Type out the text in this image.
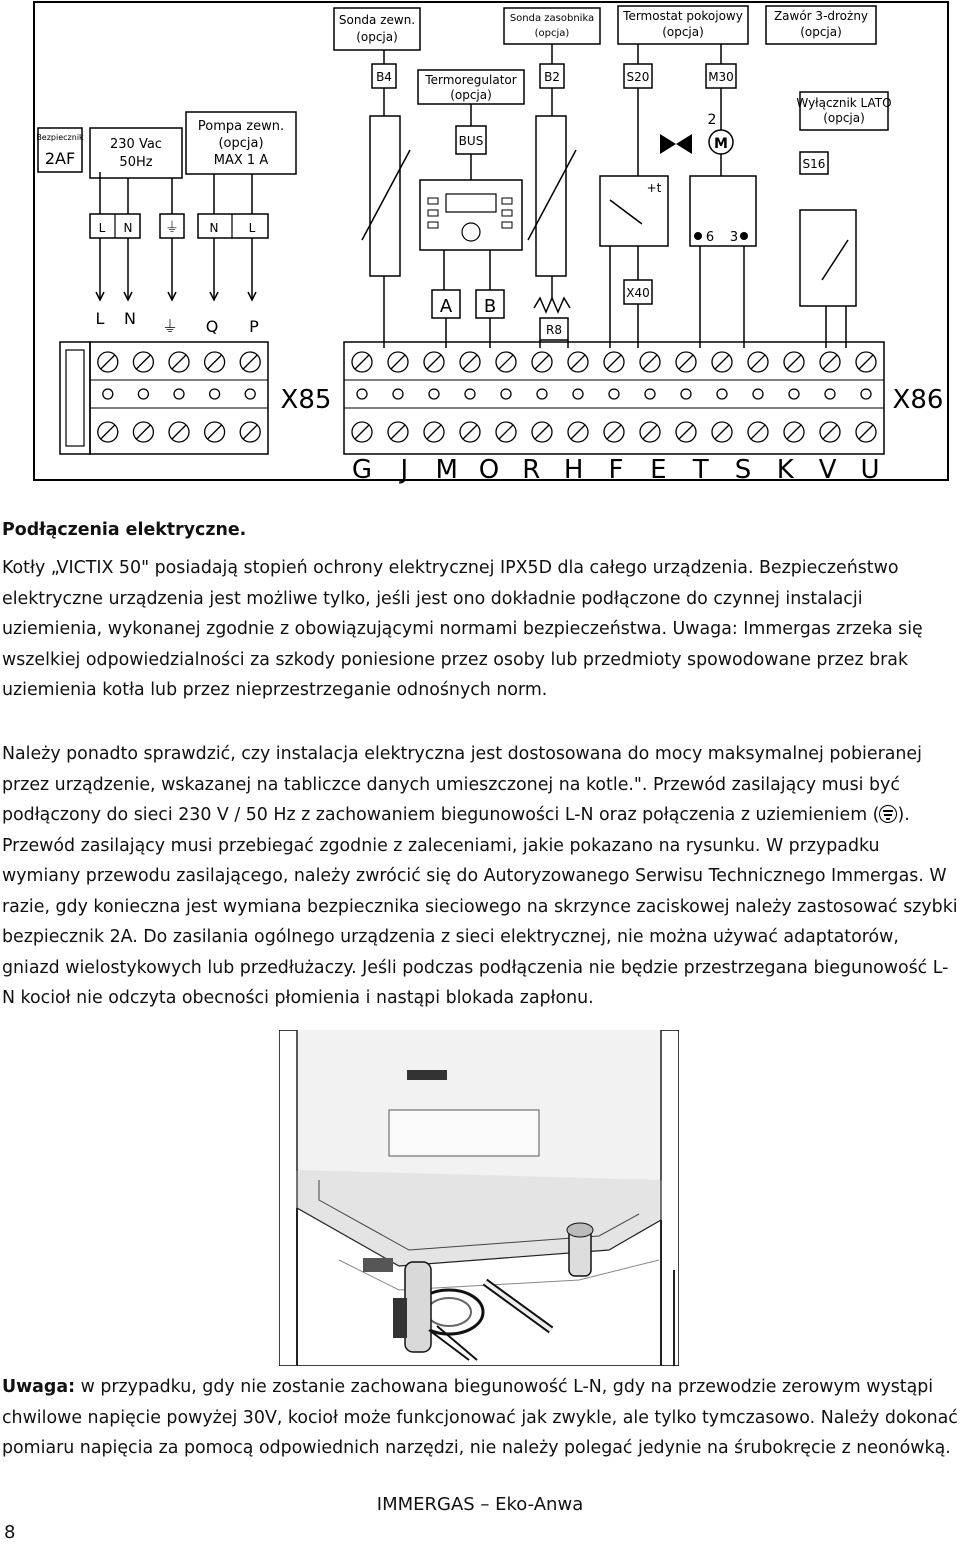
Sonda zewn.
(opcja)
Sonda zasobnika
(opcja)
Termostat pokojowy
(opcja)
Zawór 3-drożny
(opcja)
Bezpiecznik
2AF
230 Vac
50Hz
Pompa zewn.
(opcja)
MAX 1 A
L N ⏚	N	L
L N ⏚ Q P
B4	B2
Termoregulator
(opcja)
BUS
A B
R8
S20
+t
X40
M30
M
2
6 3
Wyłącznik LATO
(opcja)
S16
X85	X86
G J M O R H F E T S K V U

Podłączenia elektryczne.

Kotły „VICTIX 50" posiadają stopień ochrony elektrycznej IPX5D dla całego urządzenia. Bezpieczeństwo elektryczne urządzenia jest możliwe tylko, jeśli jest ono dokładnie podłączone do czynnej instalacji uziemienia, wykonanej zgodnie z obowiązującymi normami bezpieczeństwa. Uwaga: Immergas zrzeka się wszelkiej odpowiedzialności za szkody poniesione przez osoby lub przedmioty spowodowane przez brak uziemienia kotła lub przez nieprzestrzeganie odnośnych norm.

Należy ponadto sprawdzić, czy instalacja elektryczna jest dostosowana do mocy maksymalnej pobieranej przez urządzenie, wskazanej na tabliczce danych umieszczonej na kotle.". Przewód zasilający musi być podłączony do sieci 230 V / 50 Hz z zachowaniem biegunowości L-N oraz połączenia z uziemieniem ( ). Przewód zasilający musi przebiegać zgodnie z zaleceniami, jakie pokazano na rysunku. W przypadku wymiany przewodu zasilającego, należy zwrócić się do Autoryzowanego Serwisu Technicznego Immergas. W razie, gdy konieczna jest wymiana bezpiecznika sieciowego na skrzynce zaciskowej należy zastosować szybki bezpiecznik 2A. Do zasilania ogólnego urządzenia z sieci elektrycznej, nie można używać adaptatorów, gniazd wielostykowych lub przedłużaczy. Jeśli podczas podłączenia nie będzie przestrzegana biegunowość L-N kocioł nie odczyta obecności płomienia i nastąpi blokada zapłonu.

Uwaga: w przypadku, gdy nie zostanie zachowana biegunowość L-N, gdy na przewodzie zerowym wystąpi chwilowe napięcie powyżej 30V, kocioł może funkcjonować jak zwykle, ale tylko tymczasowo. Należy dokonać pomiaru napięcia za pomocą odpowiednich narzędzi, nie należy polegać jedynie na śrubokręcie z neonówką.

IMMERGAS – Eko-Anwa
8
